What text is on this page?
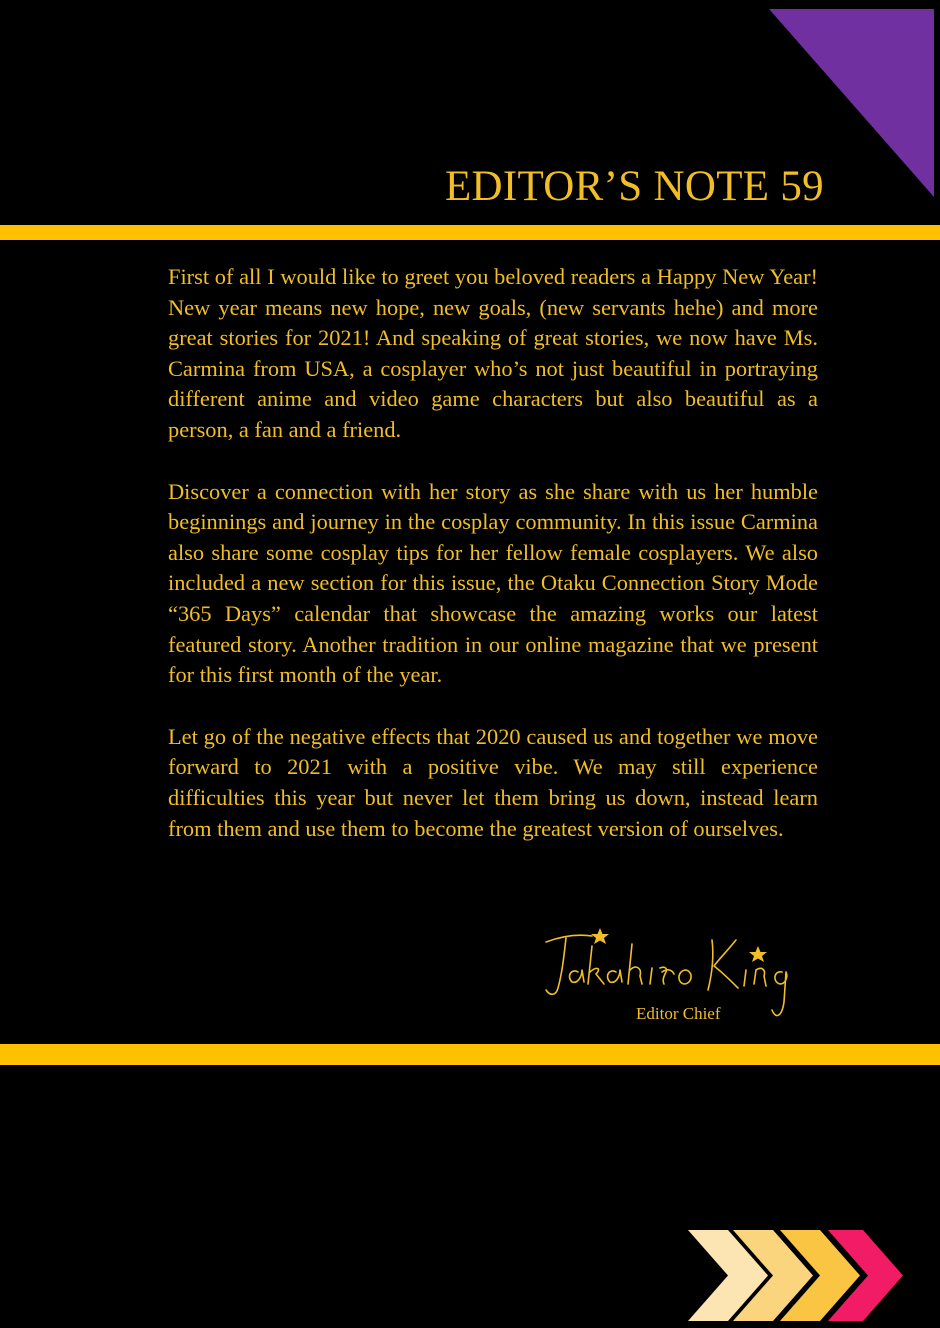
EDITOR’S NOTE 59

First of all I would like to greet you beloved readers a Happy New Year! New year means new hope, new goals, (new servants hehe) and more great stories for 2021! And speaking of great stories, we now have Ms. Carmina from USA, a cosplayer who’s not just beautiful in portraying different anime and video game characters but also beautiful as a person, a fan and a friend.

Discover a connection with her story as she share with us her humble beginnings and journey in the cosplay community. In this issue Carmina also share some cosplay tips for her fellow female cosplayers. We also included a new section for this issue, the Otaku Connection Story Mode “365 Days” calendar that showcase the amazing works our latest featured story. Another tradition in our online magazine that we present for this first month of the year.

Let go of the negative effects that 2020 caused us and together we move forward to 2021 with a positive vibe. We may still experience difficulties this year but never let them bring us down, instead learn from them and use them to become the greatest version of ourselves.

Editor Chief
